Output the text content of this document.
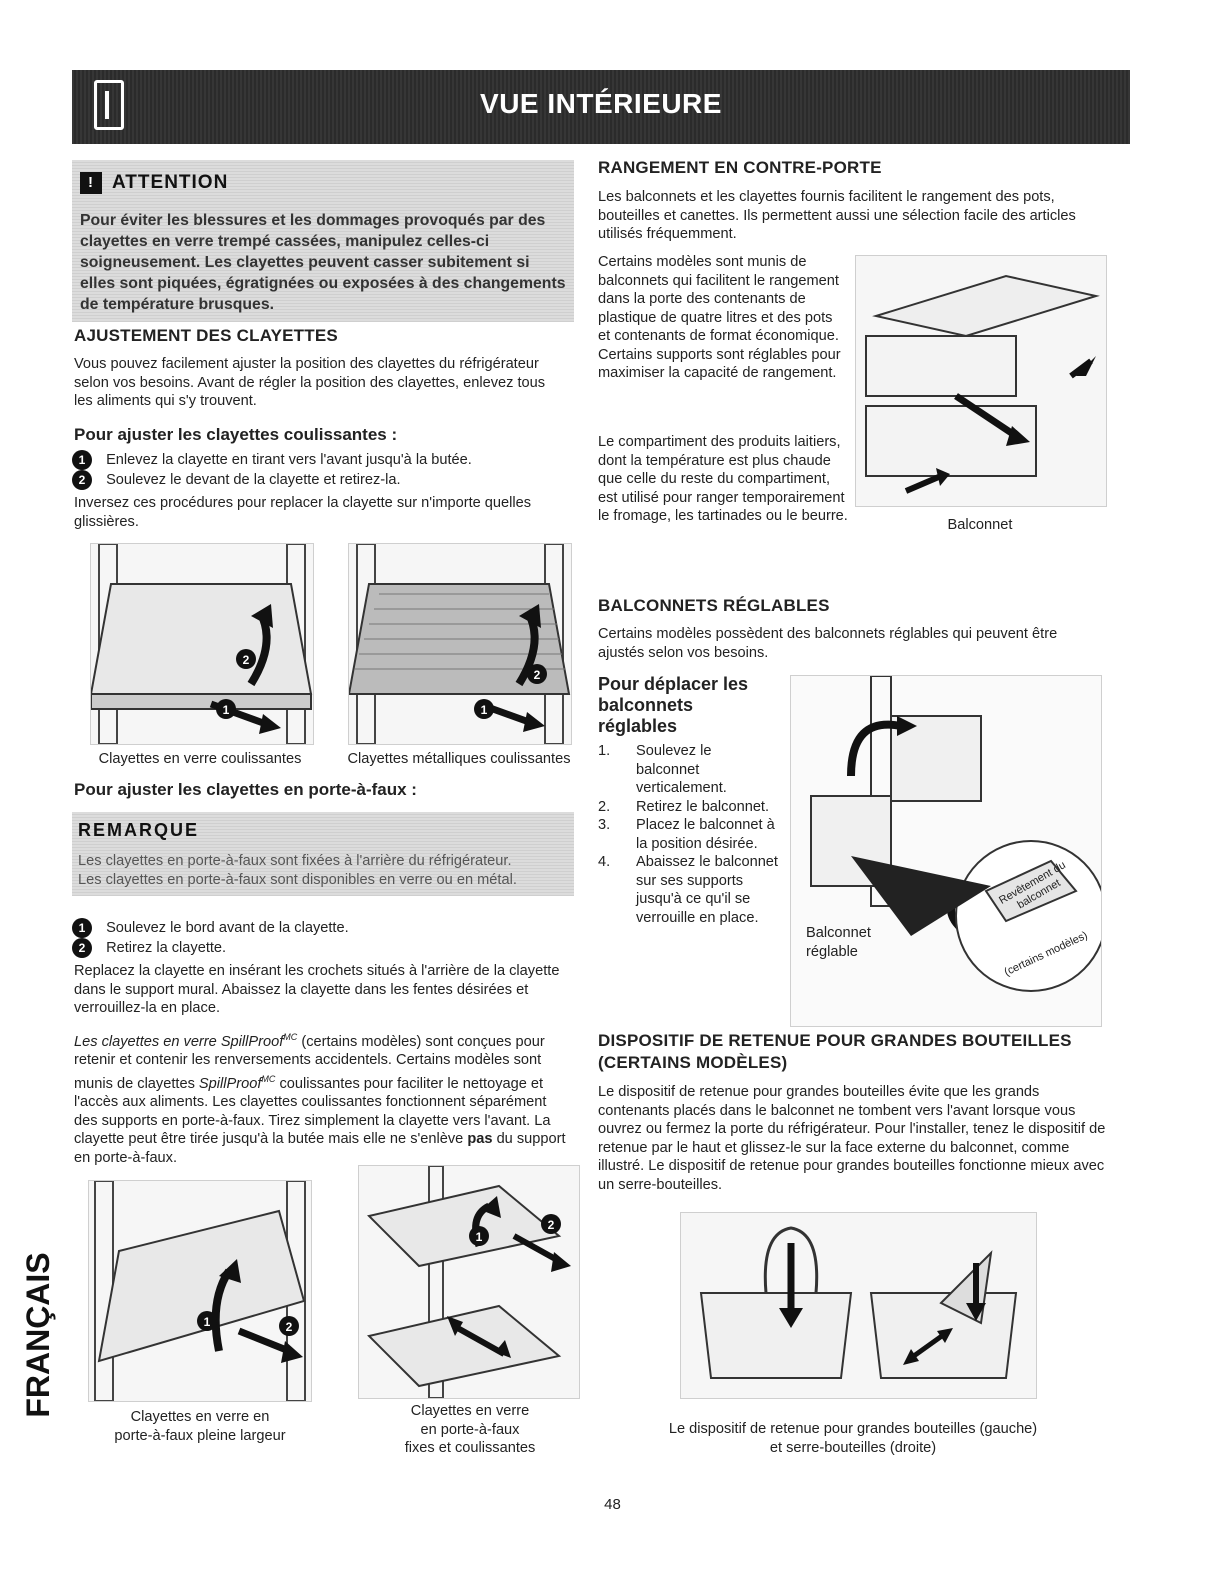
VUE INTÉRIEURE
! ATTENTION
Pour éviter les blessures et les dommages provoqués par des clayettes en verre trempé cassées, manipulez celles-ci soigneusement. Les clayettes peuvent casser subitement si elles sont piquées, égratignées ou exposées à des changements de température brusques.
AJUSTEMENT DES CLAYETTES
Vous pouvez facilement ajuster la position des clayettes du réfrigérateur selon vos besoins. Avant de régler la position des clayettes, enlevez tous les aliments qui s'y trouvent.
Pour ajuster les clayettes coulissantes :
1 Enlevez la clayette en tirant vers l'avant jusqu'à la butée.
2 Soulevez le devant de la clayette et retirez-la.
Inversez ces procédures pour replacer la clayette sur n'importe quelles glissières.
2
1
2
1
Clayettes en verre coulissantes	Clayettes métalliques coulissantes
Pour ajuster les clayettes en porte-à-faux :
REMARQUE
Les clayettes en porte-à-faux sont fixées à l'arrière du réfrigérateur.
Les clayettes en porte-à-faux sont disponibles en verre ou en métal.
1 Soulevez le bord avant de la clayette.
2 Retirez la clayette.
Replacez la clayette en insérant les crochets situés à l'arrière de la clayette dans le support mural. Abaissez la clayette dans les fentes désirées et verrouillez-la en place.
Les clayettes en verre SpillProof$^{MC}$ (certains modèles) sont conçues pour retenir et contenir les renversements accidentels. Certains modèles sont munis de clayettes SpillProof$^{MC}$ coulissantes pour faciliter le nettoyage et l'accès aux aliments. Les clayettes coulissantes fonctionnent séparément des supports en porte-à-faux. Tirez simplement la clayette vers l'avant. La clayette peut être tirée jusqu'à la butée mais elle ne s'enlève pas du support en porte-à-faux.
1	2
1
2
Clayettes en verre en
porte-à-faux pleine largeur
Clayettes en verre
en porte-à-faux
fixes et coulissantes
FRANÇAIS
RANGEMENT EN CONTRE-PORTE
Les balconnets et les clayettes fournis facilitent le rangement des pots, bouteilles et canettes. Ils permettent aussi une sélection facile des articles utilisés fréquemment.
Certains modèles sont munis de balconnets qui facilitent le rangement dans la porte des contenants de plastique de quatre litres et des pots et contenants de format économique. Certains supports sont réglables pour maximiser la capacité de rangement.
Le compartiment des produits laitiers, dont la température est plus chaude que celle du reste du compartiment, est utilisé pour ranger temporairement le fromage, les tartinades ou le beurre.
Balconnet
BALCONNETS RÉGLABLES
Certains modèles possèdent des balconnets réglables qui peuvent être ajustés selon vos besoins.
Pour déplacer les
balconnets
réglables
1.	Soulevez le balconnet verticalement.
2.	Retirez le balconnet.
3.	Placez le balconnet à la position désirée.
4.	Abaissez le balconnet sur ses supports jusqu'à ce qu'il se verrouille en place.
Revêtement du balconnet
(certains modèles)
Balconnet
réglable
DISPOSITIF DE RETENUE POUR GRANDES BOUTEILLES
(CERTAINS MODÈLES)
Le dispositif de retenue pour grandes bouteilles évite que les grands contenants placés dans le balconnet ne tombent vers l'avant lorsque vous ouvrez ou fermez la porte du réfrigérateur. Pour l'installer, tenez le dispositif de retenue par le haut et glissez-le sur la face externe du balconnet, comme illustré. Le dispositif de retenue pour grandes bouteilles fonctionne mieux avec un serre-bouteilles.
Le dispositif de retenue pour grandes bouteilles (gauche)
et serre-bouteilles (droite)
48
